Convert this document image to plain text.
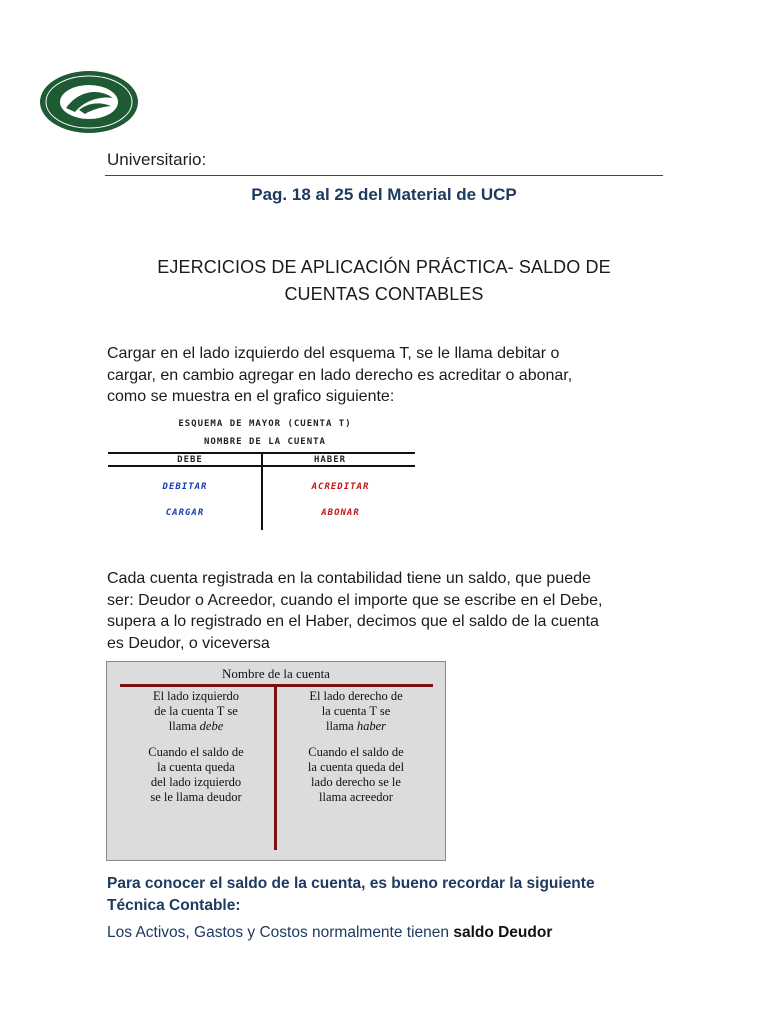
Universitario:
Pag. 18 al 25 del Material de UCP
EJERCICIOS DE APLICACIÓN PRÁCTICA- SALDO DE
CUENTAS CONTABLES
Cargar en el lado izquierdo del esquema T, se le llama debitar o
cargar, en cambio agregar en lado derecho es acreditar o abonar,
como se muestra en el grafico siguiente:
ESQUEMA DE MAYOR (CUENTA T)
NOMBRE DE LA CUENTA
DEBE	HABER
DEBITAR
CARGAR
ACREDITAR
ABONAR
Cada cuenta registrada en la contabilidad tiene un saldo, que puede
ser: Deudor o Acreedor, cuando el importe que se escribe en el Debe,
supera a lo registrado en el Haber, decimos que el saldo de la cuenta
es Deudor, o viceversa
Nombre de la cuenta
El lado izquierdo
de la cuenta T se
llama debe
El lado derecho de
la cuenta T se
llama haber
Cuando el saldo de
la cuenta queda
del lado izquierdo
se le llama deudor
Cuando el saldo de
la cuenta queda del
lado derecho se le
llama acreedor
Para conocer el saldo de la cuenta, es bueno recordar la siguiente
Técnica Contable:
Los Activos, Gastos y Costos normalmente tienen saldo Deudor
